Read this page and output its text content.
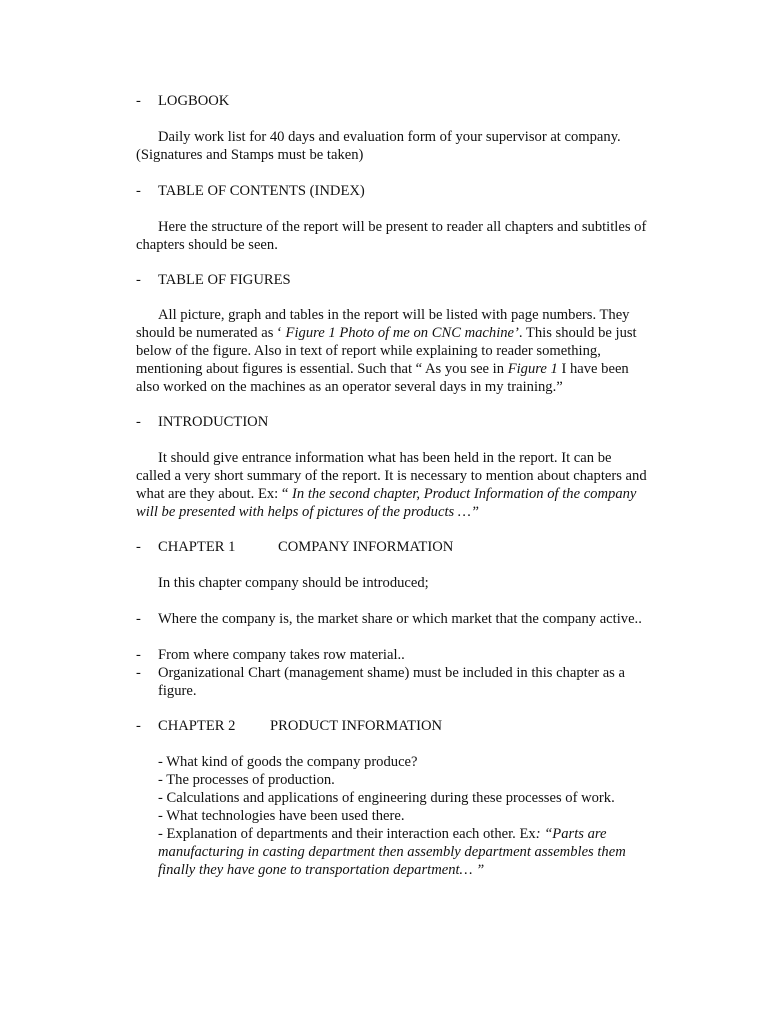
- LOGBOOK
Daily work list for 40 days and evaluation form of your supervisor at company. (Signatures and Stamps must be taken)
- TABLE OF CONTENTS (INDEX)
Here the structure of the report will be present to reader all chapters and subtitles of chapters should be seen.
- TABLE OF FIGURES
All picture, graph and tables in the report will be listed with page numbers. They should be numerated as ‘ Figure 1 Photo of me on CNC machine’. This should be just below of the figure. Also in text of report while explaining to reader something, mentioning about figures is essential. Such that “ As you see in Figure 1 I have been also worked on the machines as an operator several days in my training.”
- INTRODUCTION
It should give entrance information what has been held in the report. It can be called a very short summary of the report. It is necessary to mention about chapters and what are they about. Ex: “ In the second chapter, Product Information of the company will be presented with helps of pictures of the products …”
- CHAPTER 1	COMPANY INFORMATION
In this chapter company should be introduced;
- Where the company is, the market share or which market that the company active..
- From where company takes row material..
- Organizational Chart (management shame) must be included in this chapter as a figure.
- CHAPTER 2 PRODUCT INFORMATION
- What kind of goods the company produce?
- The processes of production.
- Calculations and applications of engineering during these processes of work.
- What technologies have been used there.
- Explanation of departments and their interaction each other. Ex: “Parts are manufacturing in casting department then assembly department assembles them finally they have gone to transportation department… ”
